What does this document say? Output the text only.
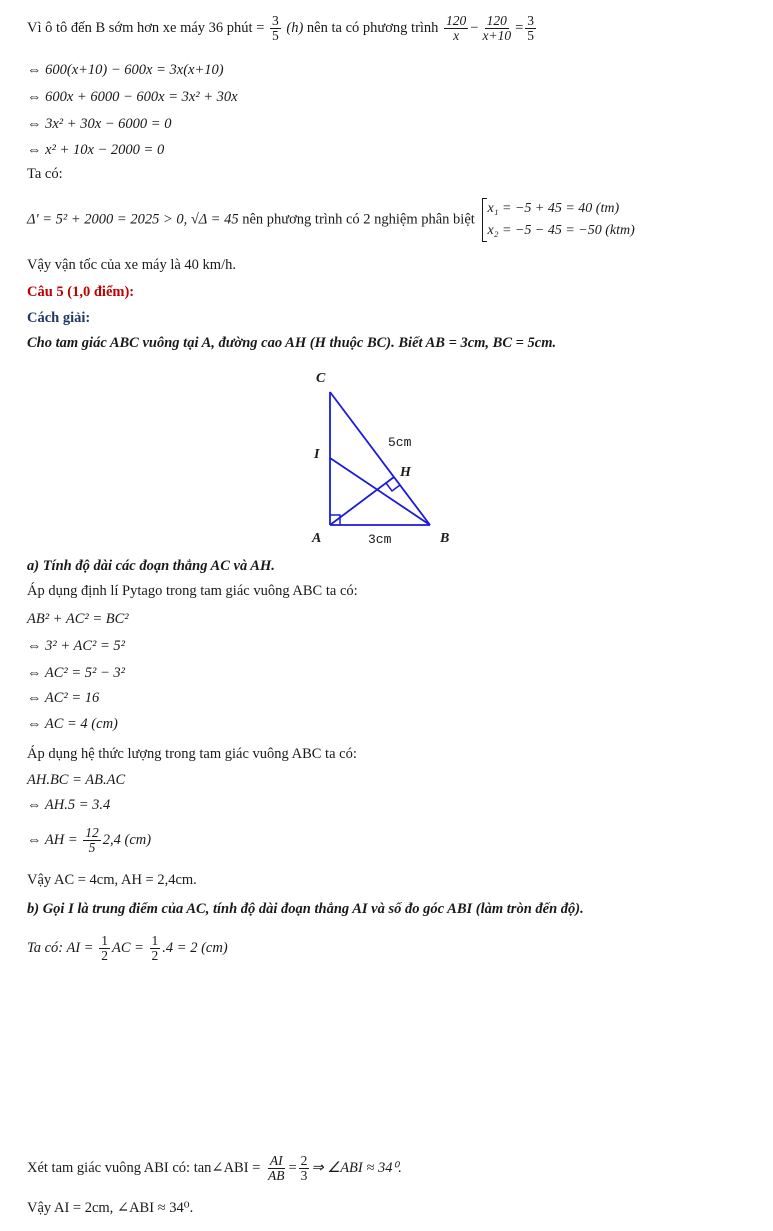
Vì ô tô đến B sớm hơn xe máy 36 phút = $\frac{3}{5} (h)$ nên ta có phương trình $\frac{120}{x} - \frac{120}{x+10} = \frac{3}{5}$
⇔ 600(x+10) − 600x = 3x(x+10)
⇔ 600x + 6000 − 600x = 3x² + 30x
⇔ 3x² + 30x − 6000 = 0
⇔ x² + 10x − 2000 = 0
Ta có:
Δ' = 5² + 2000 = 2025 > 0, √Δ = 45 nên phương trình có 2 nghiệm phân biệt
x₁ = −5 + 45 = 40 (tm)
x₂ = −5 − 45 = −50 (ktm)
Vậy vận tốc của xe máy là 40 km/h.
Câu 5 (1,0 điểm):
Cách giải:
Cho tam giác ABC vuông tại A, đường cao AH (H thuộc BC). Biết AB = 3cm, BC = 5cm.
C
I
H
A	B
5cm
3cm
a) Tính độ dài các đoạn thẳng AC và AH.
Áp dụng định lí Pytago trong tam giác vuông ABC ta có:
AB² + AC² = BC²
⇔ 3² + AC² = 5²
⇔ AC² = 5² − 3²
⇔ AC² = 16
⇔ AC = 4 (cm)
Áp dụng hệ thức lượng trong tam giác vuông ABC ta có:
AH.BC = AB.AC
⇔ AH.5 = 3.4
⇔ AH = $\frac{12}{5} 2,4$ (cm)
Vậy AC = 4cm, AH = 2,4cm.
b) Gọi I là trung điểm của AC, tính độ dài đoạn thẳng AI và số đo góc ABI (làm tròn đến độ).
Ta có: AI = $\frac{1}{2}$ AC = $\frac{1}{2} .4 = 2$ (cm)
Xét tam giác vuông ABI có: tan∠ABI = $\frac{AI}{AB} = \frac{2}{3}$ ⇒ ∠ABI ≈ 34⁰.
Vậy AI = 2cm, ∠ABI ≈ 34⁰.
